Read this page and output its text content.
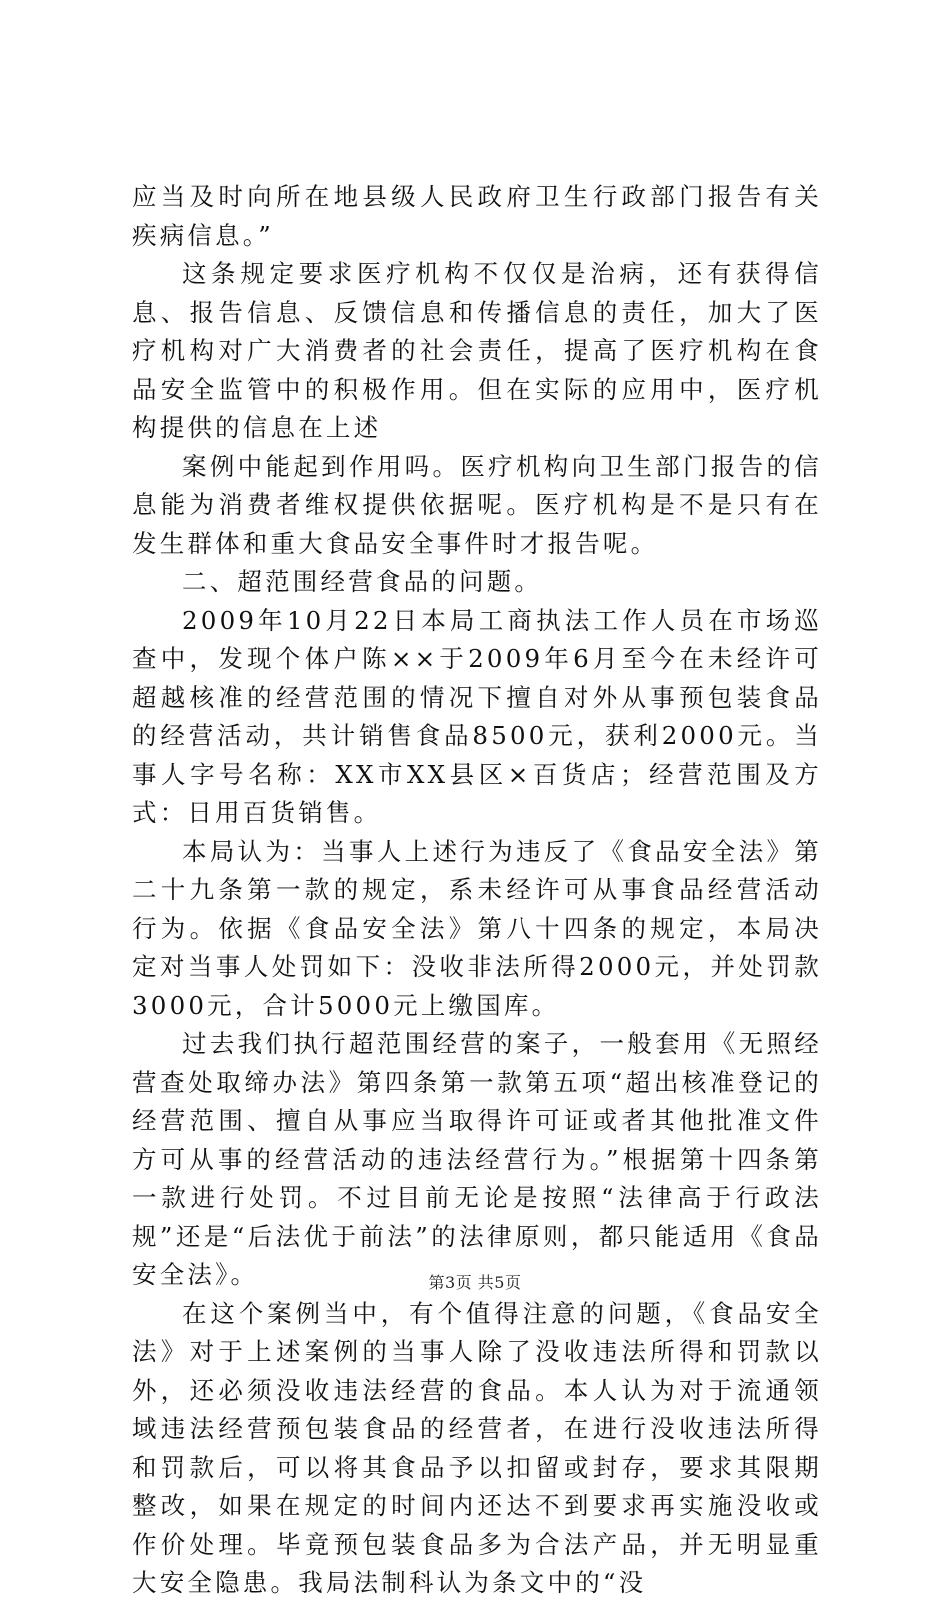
应当及时向所在地县级人民政府卫生行政部门报告有关疾病信息。”

这条规定要求医疗机构不仅仅是治病，还有获得信息、报告信息、反馈信息和传播信息的责任，加大了医疗机构对广大消费者的社会责任，提高了医疗机构在食品安全监管中的积极作用。但在实际的应用中，医疗机构提供的信息在上述

案例中能起到作用吗。医疗机构向卫生部门报告的信息能为消费者维权提供依据呢。医疗机构是不是只有在发生群体和重大食品安全事件时才报告呢。

二、超范围经营食品的问题。

2009年10月22日本局工商执法工作人员在市场巡查中，发现个体户陈××于2009年6月至今在未经许可超越核准的经营范围的情况下擅自对外从事预包装食品的经营活动，共计销售食品8500元，获利2000元。当事人字号名称：XX市XX县区×百货店；经营范围及方式：日用百货销售。

本局认为：当事人上述行为违反了《食品安全法》第二十九条第一款的规定，系未经许可从事食品经营活动行为。依据《食品安全法》第八十四条的规定，本局决定对当事人处罚如下：没收非法所得2000元，并处罚款3000元，合计5000元上缴国库。

过去我们执行超范围经营的案子，一般套用《无照经营查处取缔办法》第四条第一款第五项“超出核准登记的经营范围、擅自从事应当取得许可证或者其他批准文件方可从事的经营活动的违法经营行为。”根据第十四条第一款进行处罚。不过目前无论是按照“法律高于行政法规”还是“后法优于前法”的法律原则，都只能适用《食品安全法》。

在这个案例当中，有个值得注意的问题，《食品安全法》对于上述案例的当事人除了没收违法所得和罚款以外，还必须没收违法经营的食品。本人认为对于流通领域违法经营预包装食品的经营者，在进行没收违法所得和罚款后，可以将其食品予以扣留或封存，要求其限期整改，如果在规定的时间内还达不到要求再实施没收或作价处理。毕竟预包装食品多为合法产品，并无明显重大安全隐患。我局法制科认为条文中的“没

第3页 共5页
